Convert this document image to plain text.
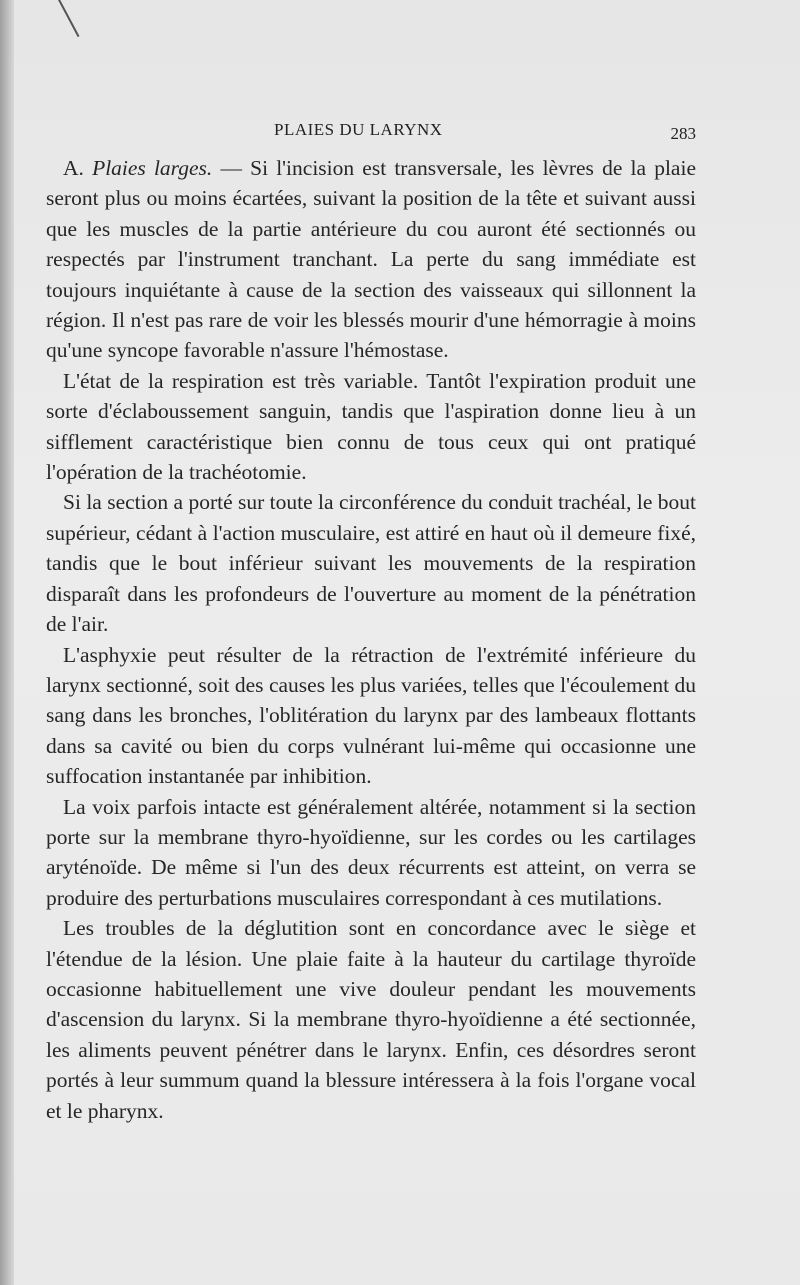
PLAIES DU LARYNX	283

A. Plaies larges. — Si l'incision est transversale, les lèvres de la plaie seront plus ou moins écartées, suivant la position de la tête et suivant aussi que les muscles de la partie antérieure du cou auront été sectionnés ou respectés par l'instrument tranchant. La perte du sang immédiate est toujours inquiétante à cause de la section des vaisseaux qui sillonnent la région. Il n'est pas rare de voir les blessés mourir d'une hémorragie à moins qu'une syncope favorable n'assure l'hémostase.

L'état de la respiration est très variable. Tantôt l'expiration produit une sorte d'éclaboussement sanguin, tandis que l'aspiration donne lieu à un sifflement caractéristique bien connu de tous ceux qui ont pratiqué l'opération de la trachéotomie.

Si la section a porté sur toute la circonférence du conduit trachéal, le bout supérieur, cédant à l'action musculaire, est attiré en haut où il demeure fixé, tandis que le bout inférieur suivant les mouvements de la respiration disparaît dans les profondeurs de l'ouverture au moment de la pénétration de l'air.

L'asphyxie peut résulter de la rétraction de l'extrémité inférieure du larynx sectionné, soit des causes les plus variées, telles que l'écoulement du sang dans les bronches, l'oblitération du larynx par des lambeaux flottants dans sa cavité ou bien du corps vulnérant lui-même qui occasionne une suffocation instantanée par inhibition.

La voix parfois intacte est généralement altérée, notamment si la section porte sur la membrane thyro-hyoïdienne, sur les cordes ou les cartilages aryténoïde. De même si l'un des deux récurrents est atteint, on verra se produire des perturbations musculaires correspondant à ces mutilations.

Les troubles de la déglutition sont en concordance avec le siège et l'étendue de la lésion. Une plaie faite à la hauteur du cartilage thyroïde occasionne habituellement une vive douleur pendant les mouvements d'ascension du larynx. Si la membrane thyro-hyoïdienne a été sectionnée, les aliments peuvent pénétrer dans le larynx. Enfin, ces désordres seront portés à leur summum quand la blessure intéressera à la fois l'organe vocal et le pharynx.
